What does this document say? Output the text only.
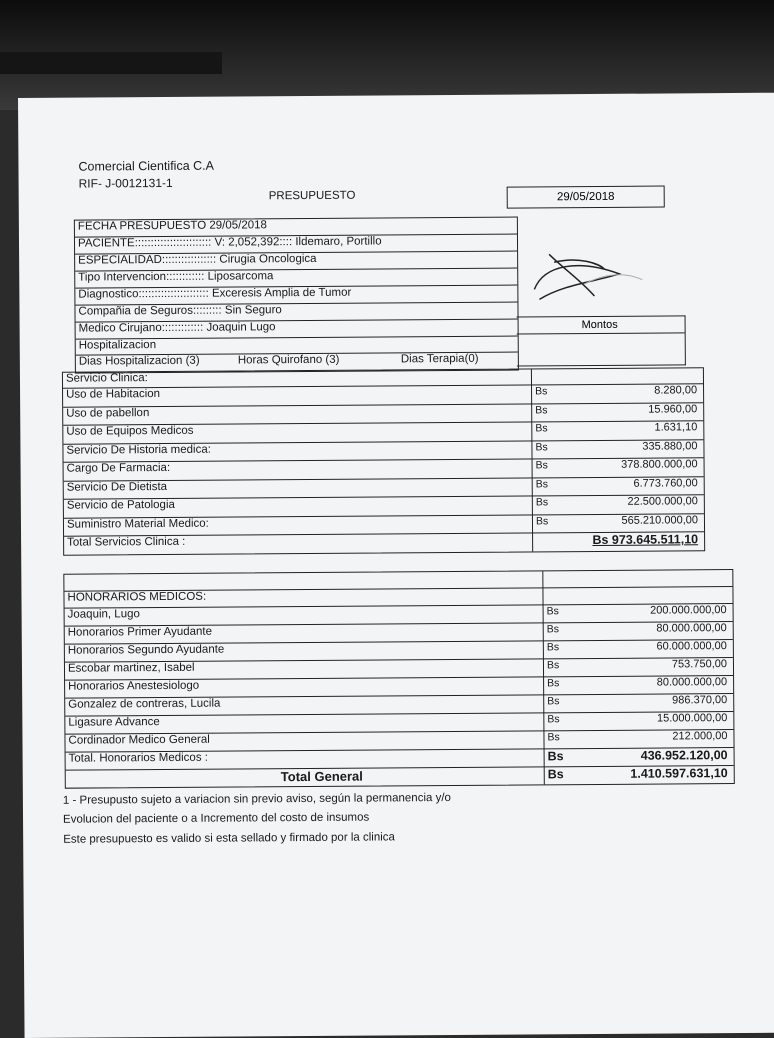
Comercial Cientifica C.A
RIF- J-0012131-1
PRESUPUESTO	29/05/2018
FECHA PRESUPUESTO 29/05/2018
PACIENTE:::::::::::::::::::::::: V: 2,052,392:::: Ildemaro, Portillo
ESPECIALIDAD::::::::::::::::: Cirugia Oncologica
Tipo Intervencion:::::::::::: Liposarcoma
Diagnostico:::::::::::::::::::::: Exceresis Amplia de Tumor
Compañia de Seguros::::::::: Sin Seguro
Medico Cirujano::::::::::::: Joaquin Lugo
Hospitalizacion
Dias Hospitalizacion (3)	Horas Quirofano (3)	Dias Terapia(0)
Montos
Servicio Clinica:
Uso de Habitacion	Bs	8.280,00
Uso de pabellon	Bs	15.960,00
Uso de Equipos Medicos	Bs	1.631,10
Servicio De Historia medica:	Bs	335.880,00
Cargo De Farmacia:	Bs	378.800.000,00
Servicio De Dietista	Bs	6.773.760,00
Servicio de Patologia	Bs	22.500.000,00
Suministro Material Medico:	Bs	565.210.000,00
Total Servicios Clinica :	Bs 973.645.511,10
HONORARIOS MEDICOS:
Joaquin, Lugo	Bs	200.000.000,00
Honorarios Primer Ayudante	Bs	80.000.000,00
Honorarios Segundo Ayudante	Bs	60.000.000,00
Escobar martinez, Isabel	Bs	753.750,00
Honorarios Anestesiologo	Bs	80.000.000,00
Gonzalez de contreras, Lucila	Bs	986.370,00
Ligasure Advance	Bs	15.000.000,00
Cordinador Medico General	Bs	212.000,00
Total. Honorarios Medicos :	Bs	436.952.120,00
Total General	Bs	1.410.597.631,10
1 - Presupusto sujeto a variacion sin previo aviso, según la permanencia y/o
Evolucion del paciente o a Incremento del costo de insumos
Este presupuesto es valido si esta sellado y firmado por la clinica
